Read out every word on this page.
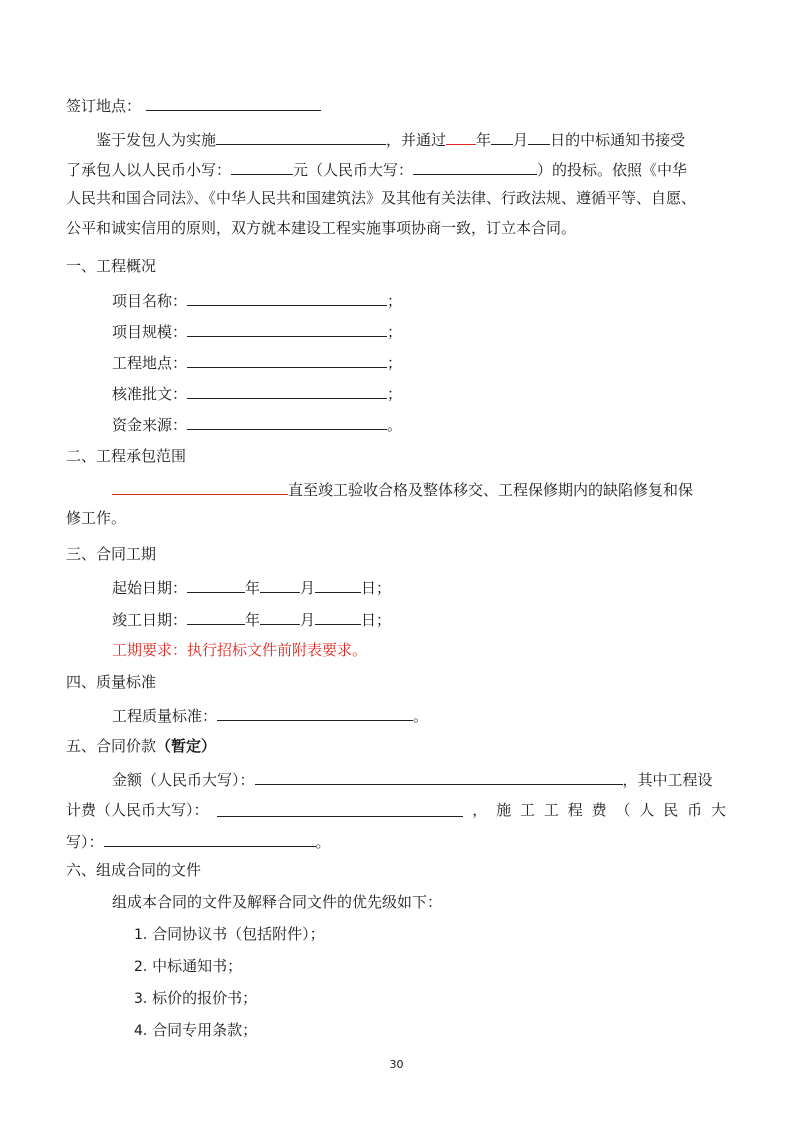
签订地点：
鉴于发包人为实施	，并通过 年 月 日的中标通知书接受
了承包人以人民币小写：	元（人民币大写：	）的投标。依照《中华
人民共和国合同法》、《中华人民共和国建筑法》及其他有关法律、行政法规、遵循平等、自愿、
公平和诚实信用的原则，双方就本建设工程实施事项协商一致，订立本合同。
一、工程概况
项目名称：	；
项目规模：	；
工程地点：	；
核准批文：	；
资金来源：	。
二、工程承包范围
直至竣工验收合格及整体移交、工程保修期内的缺陷修复和保
修工作。
三、合同工期
起始日期：	年	月	日；
竣工日期：	年	月	日；
工期要求：执行招标文件前附表要求。
四、质量标准
工程质量标准：	。
五、合同价款（暂定）
金额（人民币大写）：	，其中工程设
计费（人民币大写）：	， 施 工 工 程 费 （ 人 民 币 大
写）：	。
六、组成合同的文件
组成本合同的文件及解释合同文件的优先级如下：
1. 合同协议书（包括附件）；
2. 中标通知书；
3. 标价的报价书；
4. 合同专用条款；
30
